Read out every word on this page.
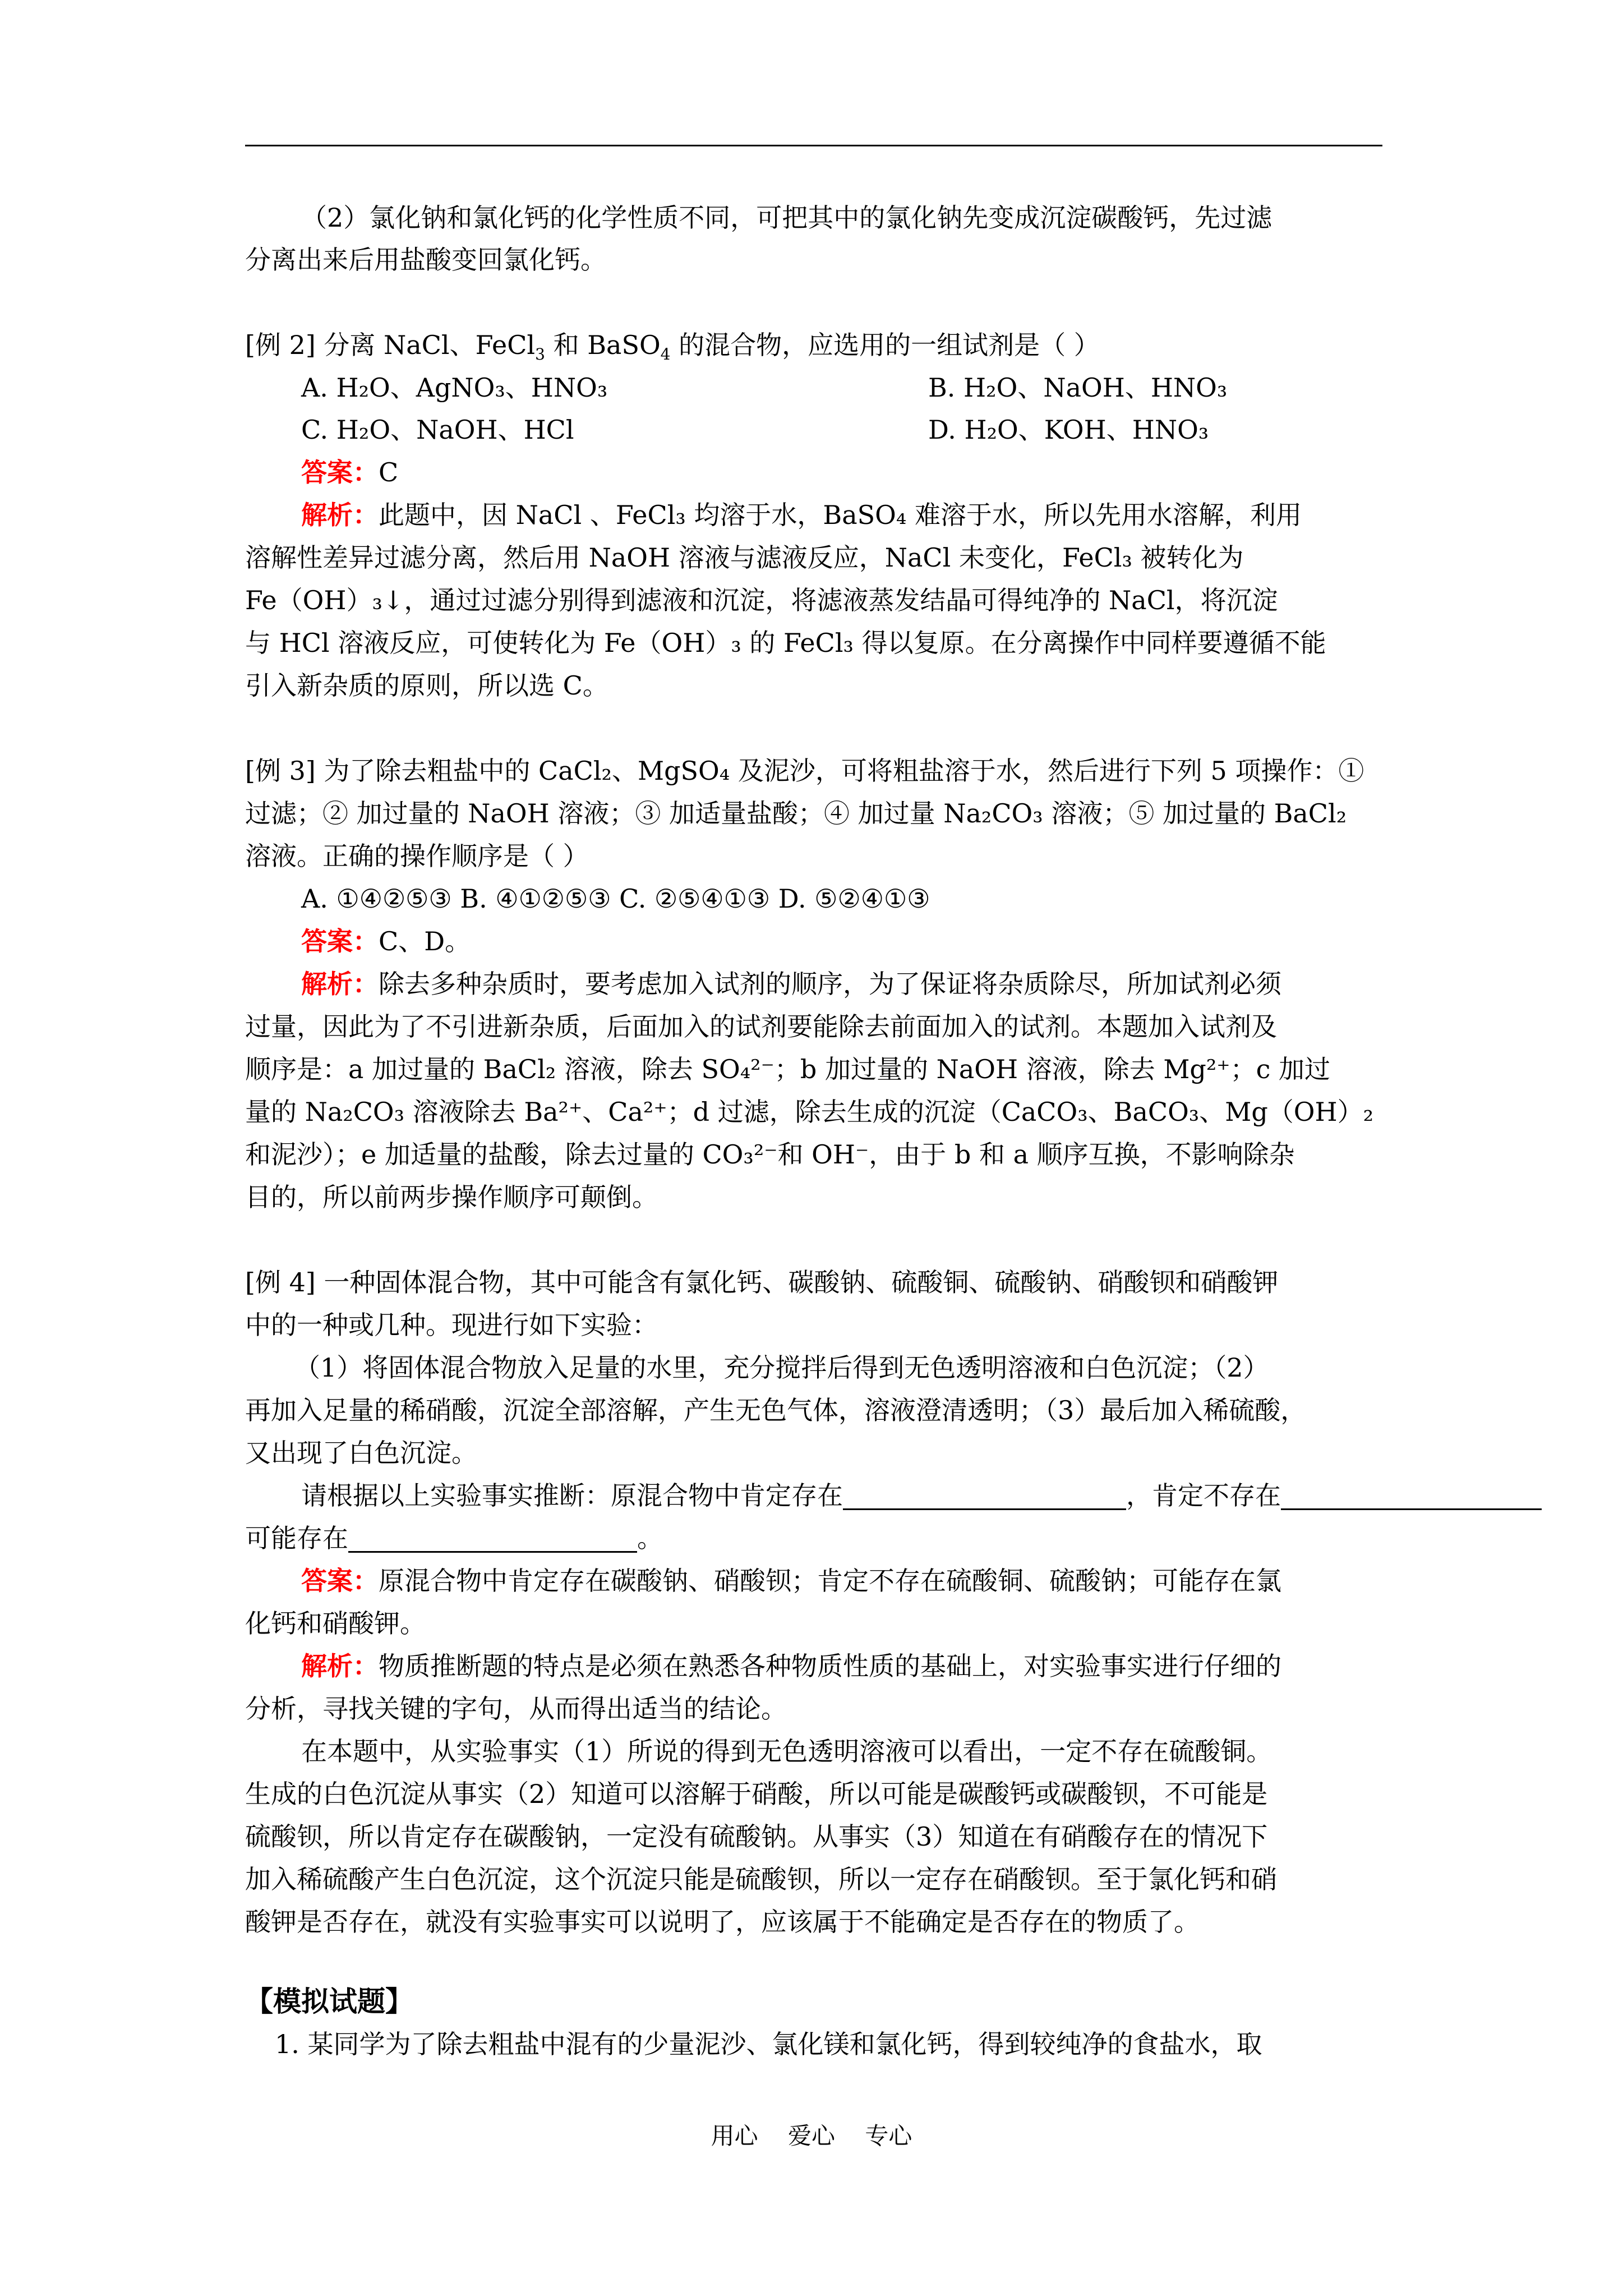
（2）氯化钠和氯化钙的化学性质不同，可把其中的氯化钠先变成沉淀碳酸钙，先过滤
分离出来后用盐酸变回氯化钙。
[例 2] 分离 NaCl、FeCl$_3$ 和 BaSO$_4$ 的混合物，应选用的一组试剂是（ ）
A. H₂O、AgNO₃、HNO₃	B. H₂O、NaOH、HNO₃
C. H₂O、NaOH、HCl	D. H₂O、KOH、HNO₃
答案：C
解析：此题中，因 NaCl 、FeCl₃ 均溶于水，BaSO₄ 难溶于水，所以先用水溶解，利用
溶解性差异过滤分离，然后用 NaOH 溶液与滤液反应，NaCl 未变化，FeCl₃ 被转化为
Fe（OH）₃↓，通过过滤分别得到滤液和沉淀，将滤液蒸发结晶可得纯净的 NaCl，将沉淀
与 HCl 溶液反应，可使转化为 Fe（OH）₃ 的 FeCl₃ 得以复原。在分离操作中同样要遵循不能
引入新杂质的原则，所以选 C。
[例 3] 为了除去粗盐中的 CaCl₂、MgSO₄ 及泥沙，可将粗盐溶于水，然后进行下列 5 项操作：①
过滤；② 加过量的 NaOH 溶液；③ 加适量盐酸；④ 加过量 Na₂CO₃ 溶液；⑤ 加过量的 BaCl₂
溶液。正确的操作顺序是（ ）
A. ①④②⑤③ B. ④①②⑤③ C. ②⑤④①③ D. ⑤②④①③
答案：C、D。
解析：除去多种杂质时，要考虑加入试剂的顺序，为了保证将杂质除尽，所加试剂必须
过量，因此为了不引进新杂质，后面加入的试剂要能除去前面加入的试剂。本题加入试剂及
顺序是：a 加过量的 BaCl₂ 溶液，除去 SO₄²⁻；b 加过量的 NaOH 溶液，除去 Mg²⁺；c 加过
量的 Na₂CO₃ 溶液除去 Ba²⁺、Ca²⁺；d 过滤，除去生成的沉淀（CaCO₃、BaCO₃、Mg（OH）₂
和泥沙）；e 加适量的盐酸，除去过量的 CO₃²⁻和 OH⁻，由于 b 和 a 顺序互换，不影响除杂
目的，所以前两步操作顺序可颠倒。
[例 4] 一种固体混合物，其中可能含有氯化钙、碳酸钠、硫酸铜、硫酸钠、硝酸钡和硝酸钾
中的一种或几种。现进行如下实验：
（1）将固体混合物放入足量的水里，充分搅拌后得到无色透明溶液和白色沉淀；（2）
再加入足量的稀硝酸，沉淀全部溶解，产生无色气体，溶液澄清透明；（3）最后加入稀硫酸，
又出现了白色沉淀。
请根据以上实验事实推断：原混合物中肯定存在	，肯定不存在
可能存在	。
答案：原混合物中肯定存在碳酸钠、硝酸钡；肯定不存在硫酸铜、硫酸钠；可能存在氯
化钙和硝酸钾。
解析：物质推断题的特点是必须在熟悉各种物质性质的基础上，对实验事实进行仔细的
分析，寻找关键的字句，从而得出适当的结论。
在本题中，从实验事实（1）所说的得到无色透明溶液可以看出，一定不存在硫酸铜。
生成的白色沉淀从事实（2）知道可以溶解于硝酸，所以可能是碳酸钙或碳酸钡，不可能是
硫酸钡，所以肯定存在碳酸钠，一定没有硫酸钠。从事实（3）知道在有硝酸存在的情况下
加入稀硫酸产生白色沉淀，这个沉淀只能是硫酸钡，所以一定存在硝酸钡。至于氯化钙和硝
酸钾是否存在，就没有实验事实可以说明了，应该属于不能确定是否存在的物质了。
【模拟试题】
1. 某同学为了除去粗盐中混有的少量泥沙、氯化镁和氯化钙，得到较纯净的食盐水，取
用心 爱心 专心
